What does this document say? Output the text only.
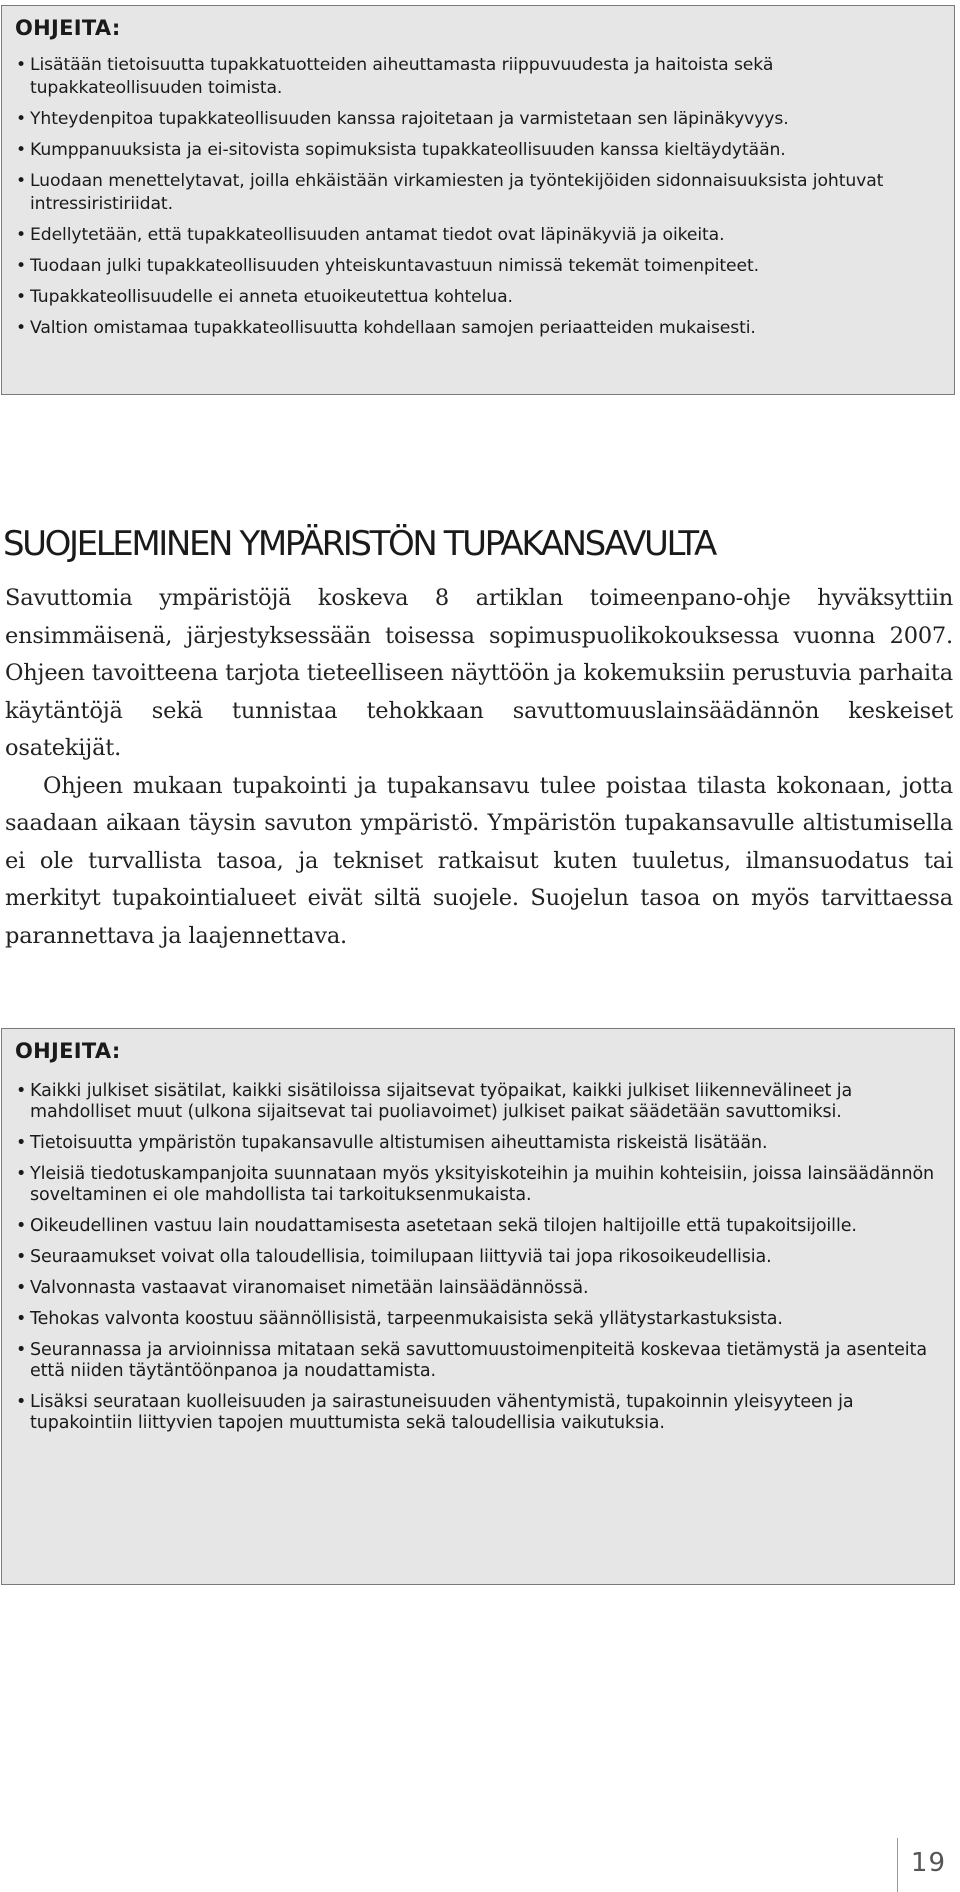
OHJEITA:
• Lisätään tietoisuutta tupakkatuotteiden aiheuttamasta riippuvuudesta ja haitoista sekä tupakkateollisuuden toimista.
• Yhteydenpitoa tupakkateollisuuden kanssa rajoitetaan ja varmistetaan sen läpinäkyvyys.
• Kumppanuuksista ja ei-sitovista sopimuksista tupakkateollisuuden kanssa kieltäydytään.
• Luodaan menettelytavat, joilla ehkäistään virkamiesten ja työntekijöiden sidonnaisuuksista johtuvat intressiristiriidat.
• Edellytetään, että tupakkateollisuuden antamat tiedot ovat läpinäkyviä ja oikeita.
• Tuodaan julki tupakkateollisuuden yhteiskuntavastuun nimissä tekemät toimenpiteet.
• Tupakkateollisuudelle ei anneta etuoikeutettua kohtelua.
• Valtion omistamaa tupakkateollisuutta kohdellaan samojen periaatteiden mukaisesti.
SUOJELEMINEN YMPÄRISTÖN TUPAKANSAVULTA

Savuttomia ympäristöjä koskeva 8 artiklan toimeenpano-ohje hyväksyttiin ensimmäisenä, järjestyksessään toisessa sopimuspuolikokouksessa vuonna 2007. Ohjeen tavoitteena tarjota tieteelliseen näyttöön ja kokemuksiin perustuvia parhaita käytäntöjä sekä tunnistaa tehokkaan savuttomuuslainsäädännön keskeiset osatekijät.

Ohjeen mukaan tupakointi ja tupakansavu tulee poistaa tilasta kokonaan, jotta saadaan aikaan täysin savuton ympäristö. Ympäristön tupakansavulle altistumisella ei ole turvallista tasoa, ja tekniset ratkaisut kuten tuuletus, ilmansuodatus tai merkityt tupakointialueet eivät siltä suojele. Suojelun tasoa on myös tarvittaessa parannettava ja laajennettava.

OHJEITA:
• Kaikki julkiset sisätilat, kaikki sisätiloissa sijaitsevat työpaikat, kaikki julkiset liikennevälineet ja mahdolliset muut (ulkona sijaitsevat tai puoliavoimet) julkiset paikat säädetään savuttomiksi.
• Tietoisuutta ympäristön tupakansavulle altistumisen aiheuttamista riskeistä lisätään.
• Yleisiä tiedotuskampanjoita suunnataan myös yksityiskoteihin ja muihin kohteisiin, joissa lainsäädännön soveltaminen ei ole mahdollista tai tarkoituksenmukaista.
• Oikeudellinen vastuu lain noudattamisesta asetetaan sekä tilojen haltijoille että tupakoitsijoille.
• Seuraamukset voivat olla taloudellisia, toimilupaan liittyviä tai jopa rikosoikeudellisia.
• Valvonnasta vastaavat viranomaiset nimetään lainsäädännössä.
• Tehokas valvonta koostuu säännöllisistä, tarpeenmukaisista sekä yllätystarkastuksista.
• Seurannassa ja arvioinnissa mitataan sekä savuttomuustoimenpiteitä koskevaa tietämystä ja asenteita että niiden täytäntöönpanoa ja noudattamista.
• Lisäksi seurataan kuolleisuuden ja sairastuneisuuden vähentymistä, tupakoinnin yleisyyteen ja tupakointiin liittyvien tapojen muuttumista sekä taloudellisia vaikutuksia.
19
